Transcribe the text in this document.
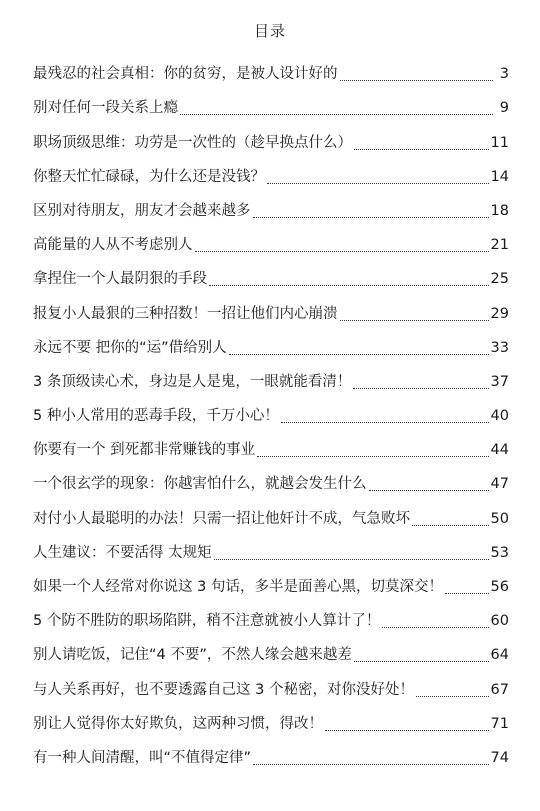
目录
最残忍的社会真相：你的贫穷，是被人设计好的	3
别对任何一段关系上瘾	9
职场顶级思维：功劳是一次性的（趁早换点什么）	11
你整天忙忙碌碌，为什么还是没钱？	14
区别对待朋友，朋友才会越来越多	18
高能量的人从不考虑别人	21
拿捏住一个人最阴狠的手段	25
报复小人最狠的三种招数！一招让他们内心崩溃	29
永远不要 把你的“运”借给别人	33
3 条顶级读心术，身边是人是鬼，一眼就能看清！	37
5 种小人常用的恶毒手段，千万小心！	40
你要有一个 到死都非常赚钱的事业	44
一个很玄学的现象：你越害怕什么，就越会发生什么	47
对付小人最聪明的办法！只需一招让他奸计不成，气急败坏	50
人生建议：不要活得 太规矩	53
如果一个人经常对你说这 3 句话，多半是面善心黑，切莫深交！	56
5 个防不胜防的职场陷阱，稍不注意就被小人算计了！	60
别人请吃饭，记住“4 不要”，不然人缘会越来越差	64
与人关系再好，也不要透露自己这 3 个秘密，对你没好处！	67
别让人觉得你太好欺负，这两种习惯，得改！	71
有一种人间清醒，叫“不值得定律”	74
